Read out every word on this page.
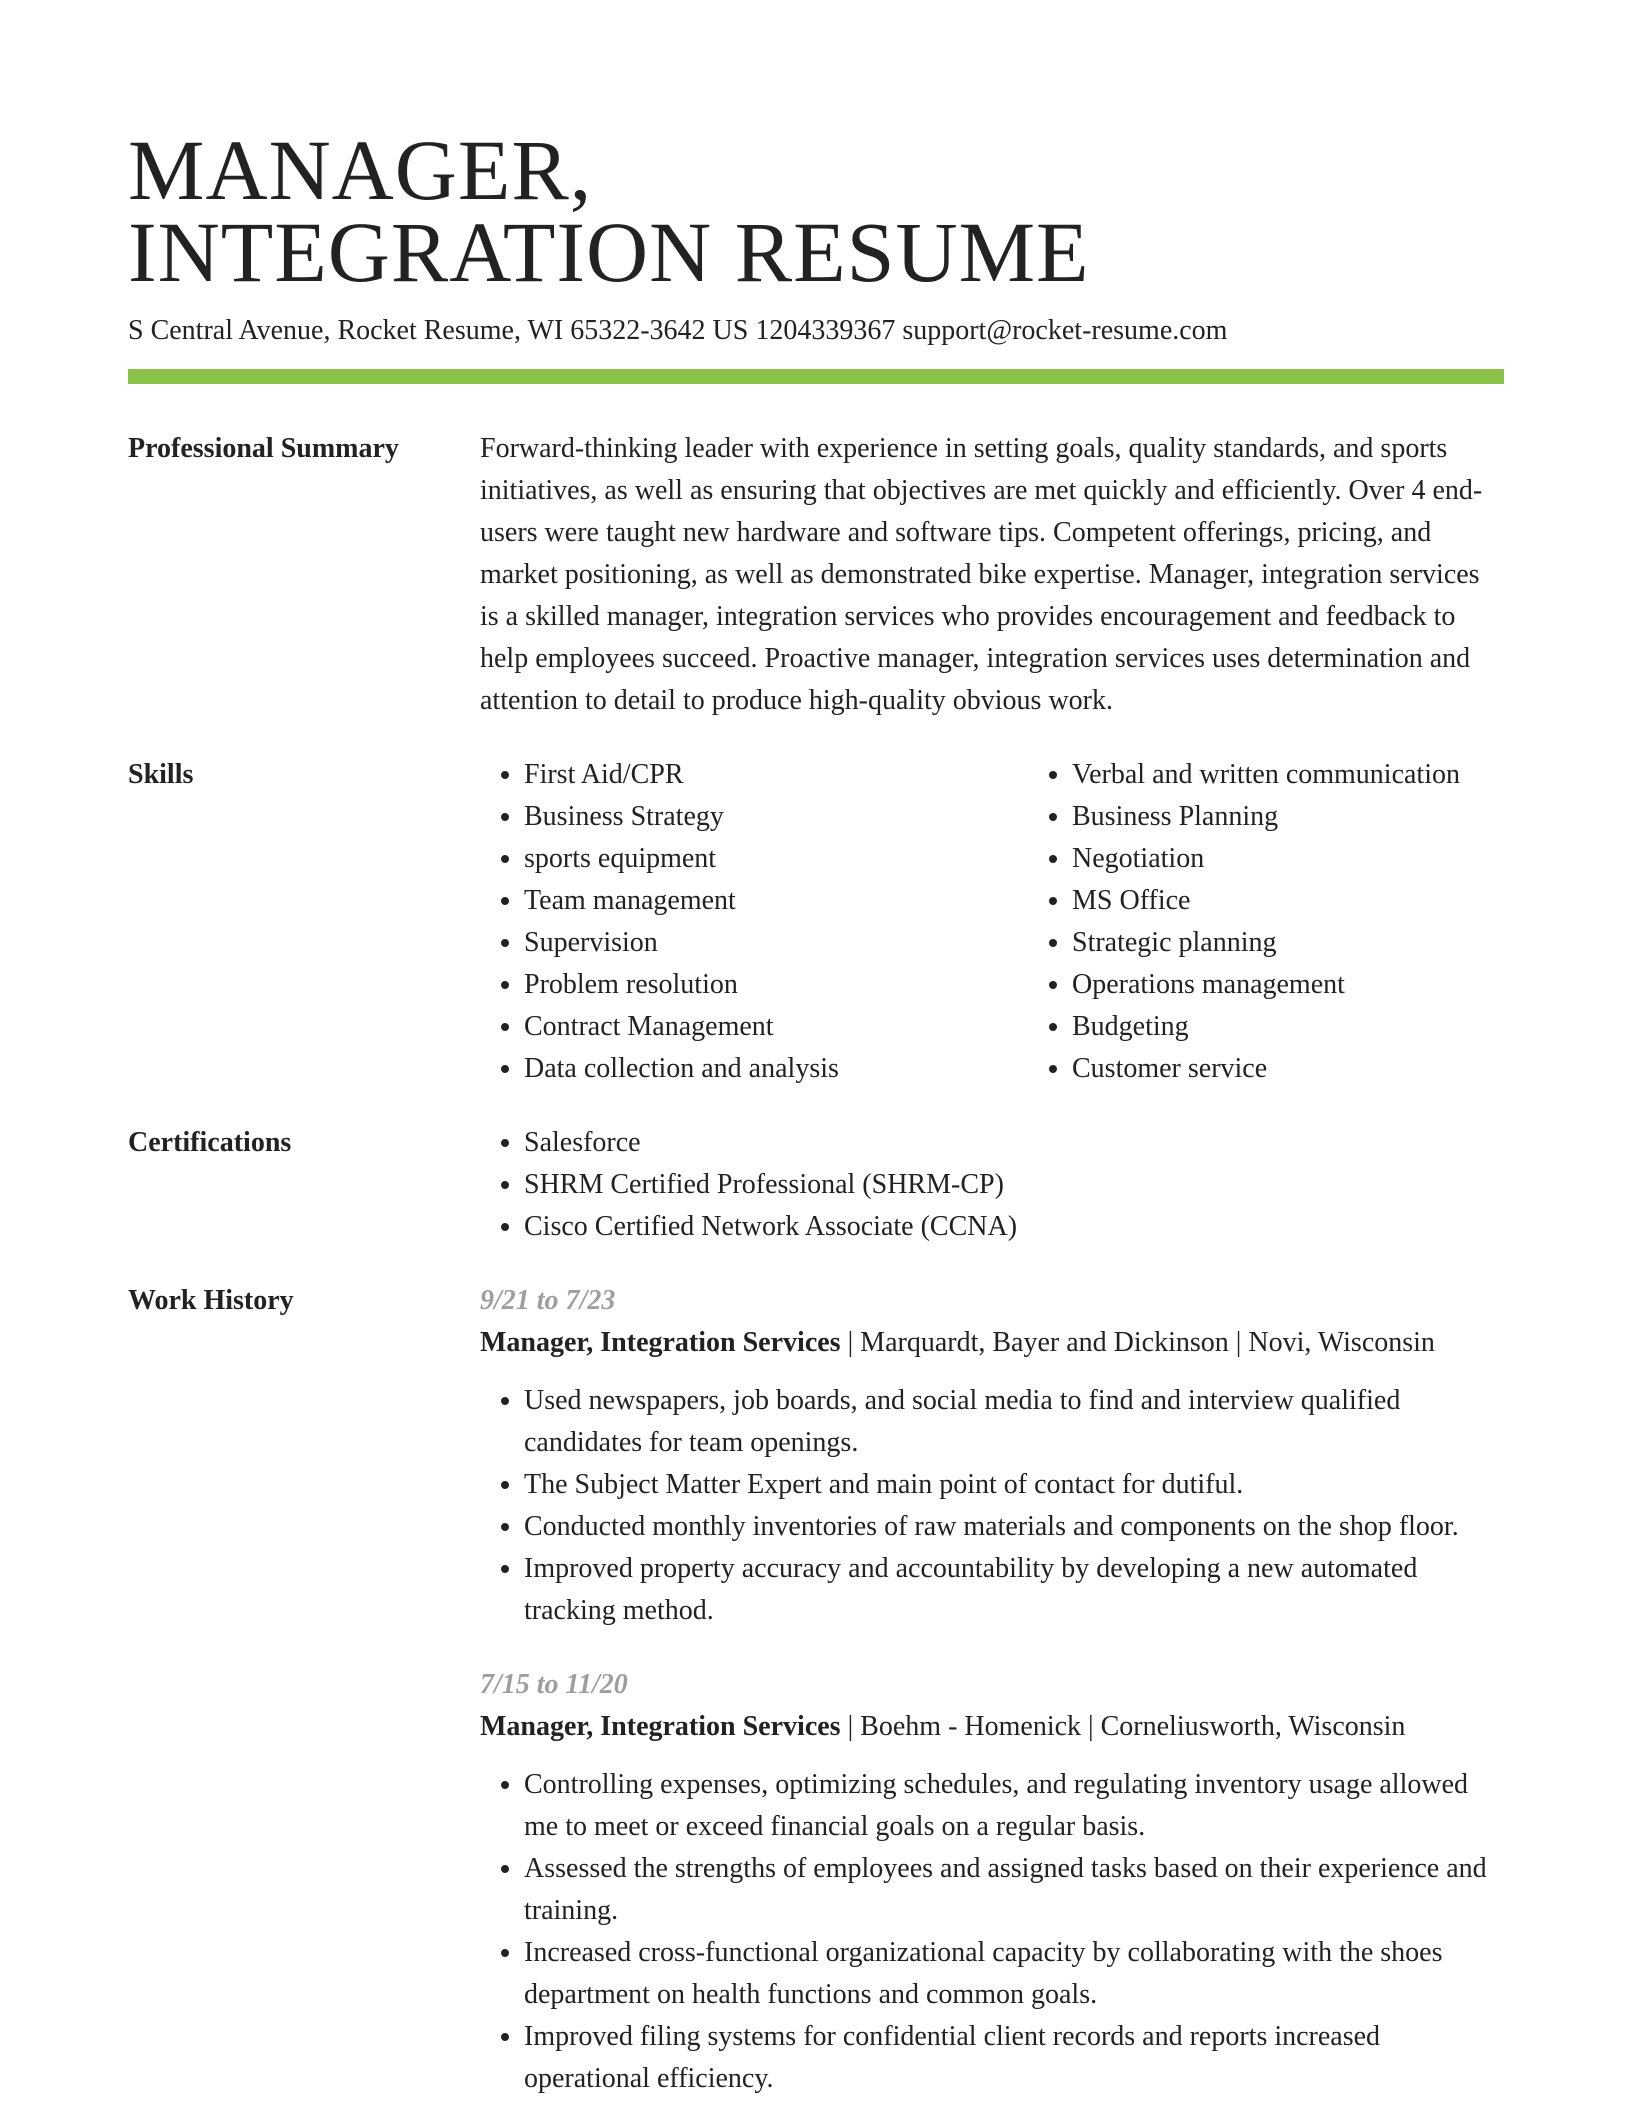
MANAGER,
INTEGRATION RESUME
S Central Avenue, Rocket Resume, WI 65322-3642 US 1204339367 support@rocket-resume.com
Professional Summary	Forward-thinking leader with experience in setting goals, quality standards, and sports initiatives, as well as ensuring that objectives are met quickly and efficiently. Over 4 end-users were taught new hardware and software tips. Competent offerings, pricing, and market positioning, as well as demonstrated bike expertise. Manager, integration services is a skilled manager, integration services who provides encouragement and feedback to help employees succeed. Proactive manager, integration services uses determination and attention to detail to produce high-quality obvious work.
Skills	• First Aid/CPR
• Business Strategy
• sports equipment
• Team management
• Supervision
• Problem resolution
• Contract Management
• Data collection and analysis
• Verbal and written communication
• Business Planning
• Negotiation
• MS Office
• Strategic planning
• Operations management
• Budgeting
• Customer service
Certifications	• Salesforce
• SHRM Certified Professional (SHRM-CP)
• Cisco Certified Network Associate (CCNA)
Work History	9/21 to 7/23
Manager, Integration Services | Marquardt, Bayer and Dickinson | Novi, Wisconsin
• Used newspapers, job boards, and social media to find and interview qualified candidates for team openings.
• The Subject Matter Expert and main point of contact for dutiful.
• Conducted monthly inventories of raw materials and components on the shop floor.
• Improved property accuracy and accountability by developing a new automated tracking method.
7/15 to 11/20
Manager, Integration Services | Boehm - Homenick | Corneliusworth, Wisconsin
• Controlling expenses, optimizing schedules, and regulating inventory usage allowed me to meet or exceed financial goals on a regular basis.
• Assessed the strengths of employees and assigned tasks based on their experience and training.
• Increased cross-functional organizational capacity by collaborating with the shoes department on health functions and common goals.
• Improved filing systems for confidential client records and reports increased operational efficiency.
